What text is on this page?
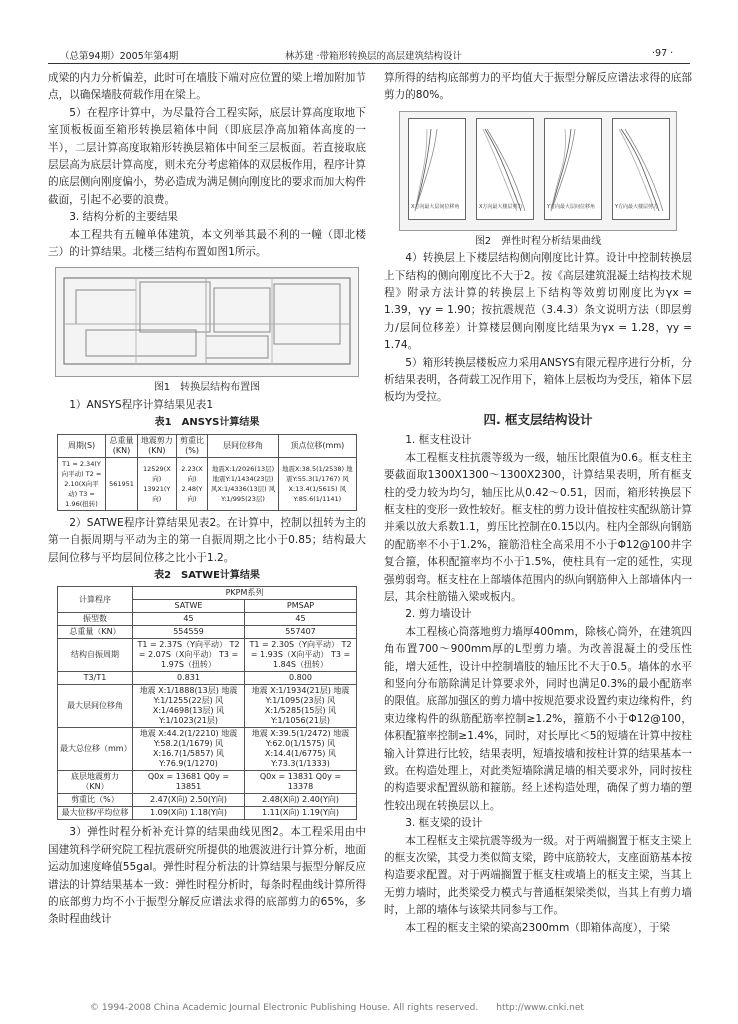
（总第94期）2005年第4期	林苏建 ·带箱形转换层的高层建筑结构设计	·97 ·

成梁的内力分析偏差，此时可在墙肢下端对应位置的梁上增加附加节点，以确保墙肢荷载作用在梁上。

5）在程序计算中，为尽量符合工程实际，底层计算高度取地下室顶板板面至箱形转换层箱体中间（即底层净高加箱体高度的一半），二层计算高度取箱形转换层箱体中间至三层板面。若直接取底层层高为底层计算高度，则未充分考虑箱体的双层板作用，程序计算的底层侧向刚度偏小，势必造成为满足侧向刚度比的要求而加大构件截面，引起不必要的浪费。

3. 结构分析的主要结果

本工程共有五幢单体建筑，本文列举其最不利的一幢（即北楼三）的计算结果。北楼三结构布置如图1所示。

图1　转换层结构布置图

1）ANSYS程序计算结果见表1

表1　ANSYS计算结果

周期(S)	总重量(KN)	地震剪力(KN)	剪重比(%)	层间位移角	顶点位移(mm)
T1 = 2.34(Y向平动) T2 = 2.10(X向平动) T3 = 1.96(扭转)	561951	12529(X向) 13921(Y向)	2.23(X向) 2.48(Y向)	地震X:1/2026(13层) 地震Y:1/1434(23层) 风X:1/4336(13层) 风Y:1/995(23层)	地震X:38.5(1/2538) 地震Y:55.3(1/1767) 风X:13.4(1/5615) 风Y:85.6(1/1141)

2）SATWE程序计算结果见表2。在计算中，控制以扭转为主的第一自振周期与平动为主的第一自振周期之比小于0.85；结构最大层间位移与平均层间位移之比小于1.2。

表2　SATWE计算结果

计算程序	PKPM系列	
	SATWE	PMSAP
振型数	45	45
总重量（KN）	554559	557407
结构自振周期	T1 = 2.37S（Y向平动） T2 = 2.07S（X向平动） T3 = 1.97S（扭转）	T1 = 2.30S（Y向平动） T2 = 1.93S（X向平动） T3 = 1.84S（扭转）
T3/T1	0.831	0.800
最大层间位移角	地震 X:1/1888(13层) 地震 Y:1/1255(22层) 风 X:1/4698(13层) 风 Y:1/1023(21层)	地震 X:1/1934(21层) 地震 Y:1/1095(23层) 风 X:1/5285(15层) 风 Y:1/1056(21层)
最大总位移（mm）	地震 X:44.2(1/2210) 地震 Y:58.2(1/1679) 风 X:16.7(1/5857) 风 Y:76.9(1/1270)	地震 X:39.5(1/2472) 地震 Y:62.0(1/1575) 风 X:14.4(1/6775) 风 Y:73.3(1/1333)
底层地震剪力（KN）	Q0x = 13681 Q0y = 13851	Q0x = 13831 Q0y = 13378
剪重比（%）	2.47(X向) 2.50(Y向)	2.48(X向) 2.40(Y向)
最大位移/平均位移	1.09(X向) 1.18(Y向)	1.11(X向) 1.19(Y向)

3）弹性时程分析补充计算的结果曲线见图2。本工程采用由中国建筑科学研究院工程抗震研究所提供的地震波进行计算分析，地面运动加速度峰值55gal。弹性时程分析法的计算结果与振型分解反应谱法的计算结果基本一致：弹性时程分析时，每条时程曲线计算所得的底部剪力均不小于振型分解反应谱法求得的底部剪力的65%，多条时程曲线计

算所得的结构底部剪力的平均值大于振型分解反应谱法求得的底部剪力的80%。

X方向最大层间位移角	X方向最大楼层剪力	Y方向最大层间位移角	Y方向最大楼层剪力

图2　弹性时程分析结果曲线

4）转换层上下楼层结构侧向刚度比计算。设计中控制转换层上下结构的侧向刚度比不大于2。按《高层建筑混凝土结构技术规程》附录方法计算的转换层上下结构等效剪切刚度比为γx = 1.39，γy = 1.90；按抗震规范（3.4.3）条文说明方法（即层剪力/层间位移差）计算楼层侧向刚度比结果为γx = 1.28，γy = 1.74。

5）箱形转换层楼板应力采用ANSYS有限元程序进行分析，分析结果表明，各荷载工况作用下，箱体上层板均为受压，箱体下层板均为受拉。

四. 框支层结构设计

1. 框支柱设计

本工程框支柱抗震等级为一级，轴压比限值为0.6。框支柱主要截面取1300X1300～1300X2300，计算结果表明，所有框支柱的受力较为均匀，轴压比从0.42～0.51，因而，箱形转换层下框支柱的变形一致性较好。框支柱的剪力设计值按柱实配纵筋计算并乘以放大系数1.1，剪压比控制在0.15以内。柱内全部纵向钢筋的配筋率不小于1.2%，箍筋沿柱全高采用不小于Φ12@100井字复合箍，体积配箍率均不小于1.5%，使柱具有一定的延性，实现强剪弱弯。框支柱在上部墙体范围内的纵向钢筋伸入上部墙体内一层，其余柱筋锚入梁或板内。

2. 剪力墙设计

本工程核心筒落地剪力墙厚400mm，除核心筒外，在建筑四角布置700～900mm厚的L型剪力墙。为改善混凝土的受压性能，增大延性，设计中控制墙肢的轴压比不大于0.5。墙体的水平和竖向分布筋除满足计算要求外，同时也满足0.3%的最小配筋率的限值。底部加强区的剪力墙中按规范要求设置约束边缘构件，约束边缘构件的纵筋配筋率控制≥1.2%，箍筋不小于Φ12@100，体积配箍率控制≥1.4%，同时，对长厚比＜5的短墙在计算中按柱输入计算进行比较，结果表明，短墙按墙和按柱计算的结果基本一致。在构造处理上，对此类短墙除满足墙的相关要求外，同时按柱的构造要求配置纵筋和箍筋。经上述构造处理，确保了剪力墙的塑性较出现在转换层以上。

3. 框支梁的设计

本工程框支主梁抗震等级为一级。对于两端搁置于框支主梁上的框支次梁，其受力类似简支梁，跨中底筋较大，支座面筋基本按构造要求配置。对于两端搁置于框支柱或墙上的框支主梁，当其上无剪力墙时，此类梁受力模式与普通框架梁类似，当其上有剪力墙时，上部的墙体与该梁共同参与工作。

本工程的框支主梁的梁高2300mm（即箱体高度），于梁

© 1994-2008 China Academic Journal Electronic Publishing House. All rights reserved.　　http://www.cnki.net
